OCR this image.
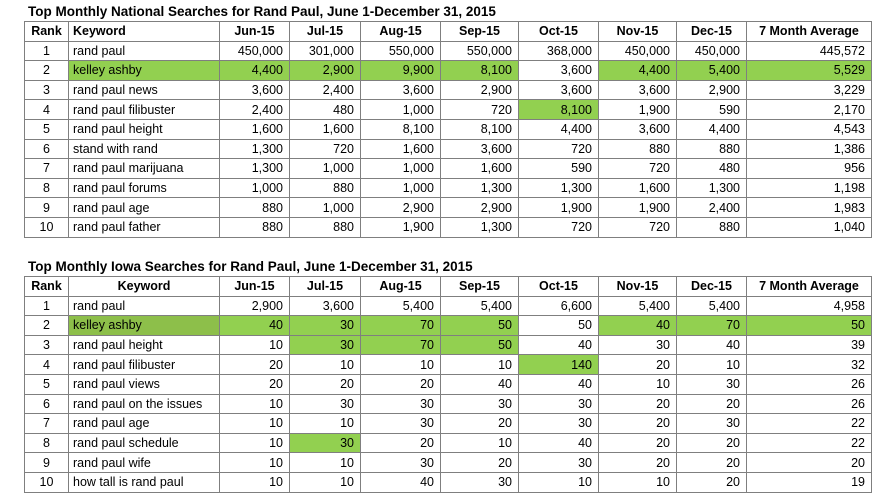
Top Monthly National Searches for Rand Paul, June 1-December 31, 2015
Rank	Keyword	Jun-15	Jul-15	Aug-15	Sep-15	Oct-15	Nov-15	Dec-15	7 Month Average
1	rand paul	450,000	301,000	550,000	550,000	368,000	450,000	450,000	445,572
2	kelley ashby	4,400	2,900	9,900	8,100	3,600	4,400	5,400	5,529
3	rand paul news	3,600	2,400	3,600	2,900	3,600	3,600	2,900	3,229
4	rand paul filibuster	2,400	480	1,000	720	8,100	1,900	590	2,170
5	rand paul height	1,600	1,600	8,100	8,100	4,400	3,600	4,400	4,543
6	stand with rand	1,300	720	1,600	3,600	720	880	880	1,386
7	rand paul marijuana	1,300	1,000	1,000	1,600	590	720	480	956
8	rand paul forums	1,000	880	1,000	1,300	1,300	1,600	1,300	1,198
9	rand paul age	880	1,000	2,900	2,900	1,900	1,900	2,400	1,983
10	rand paul father	880	880	1,900	1,300	720	720	880	1,040
Top Monthly Iowa Searches for Rand Paul, June 1-December 31, 2015
Rank	Keyword	Jun-15	Jul-15	Aug-15	Sep-15	Oct-15	Nov-15	Dec-15	7 Month Average
1	rand paul	2,900	3,600	5,400	5,400	6,600	5,400	5,400	4,958
2	kelley ashby	40	30	70	50	50	40	70	50
3	rand paul height	10	30	70	50	40	30	40	39
4	rand paul filibuster	20	10	10	10	140	20	10	32
5	rand paul views	20	20	20	40	40	10	30	26
6	rand paul on the issues	10	30	30	30	30	20	20	26
7	rand paul age	10	10	30	20	30	20	30	22
8	rand paul schedule	10	30	20	10	40	20	20	22
9	rand paul wife	10	10	30	20	30	20	20	20
10	how tall is rand paul	10	10	40	30	10	10	20	19
